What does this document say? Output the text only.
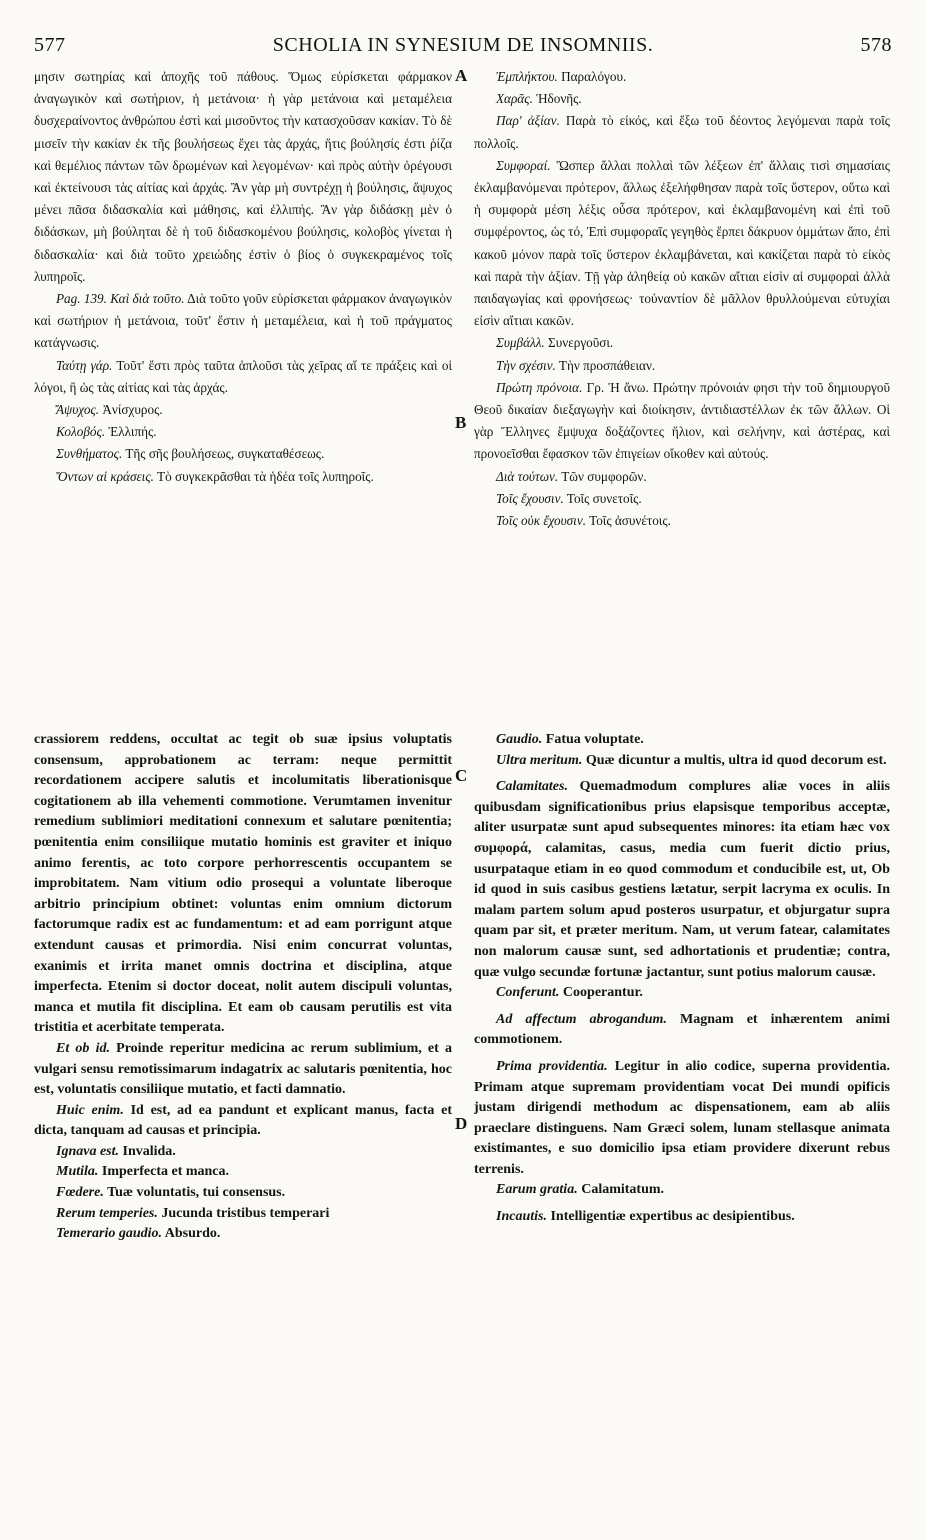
577	SCHOLIA IN SYNESIUM DE INSOMNIIS.	578
A
B
C
D

μησιν σωτηρίας καὶ ἀποχῆς τοῦ πάθους. Ὅμως εὑρίσκεται φάρμακον ἀναγωγικὸν καὶ σωτήριον, ἡ μετάνοια· ἡ γὰρ μετάνοια καὶ μεταμέλεια δυσχεραίνοντος ἀνθρώπου ἐστὶ καὶ μισοῦντος τὴν κατασχοῦσαν κακίαν. Τὸ δὲ μισεῖν τὴν κακίαν ἐκ τῆς βουλήσεως ἔχει τὰς ἀρχάς, ἥτις βούλησίς ἐστι ῥίζα καὶ θεμέλιος πάντων τῶν δρωμένων καὶ λεγομένων· καὶ πρὸς αὐτὴν ὀρέγουσι καὶ ἐκτείνουσι τὰς αἰτίας καὶ ἀρχάς. Ἂν γὰρ μὴ συντρέχῃ ἡ βούλησις, ἄψυχος μένει πᾶσα διδασκαλία καὶ μάθησις, καὶ ἐλλιπής. Ἂν γὰρ διδάσκῃ μὲν ὁ διδάσκων, μὴ βούληται δὲ ἡ τοῦ διδασκομένου βούλησις, κολοβὸς γίνεται ἡ διδασκαλία· καὶ διὰ τοῦτο χρειώδης ἐστὶν ὁ βίος ὁ συγκεκραμένος τοῖς λυπηροῖς.

Pag. 139. Καὶ διὰ τοῦτο. Διὰ τοῦτο γοῦν εὑρίσκεται φάρμακον ἀναγωγικὸν καὶ σωτήριον ἡ μετάνοια, τοῦτ' ἔστιν ἡ μεταμέλεια, καὶ ἡ τοῦ πράγματος κατάγνωσις.

Ταύτῃ γάρ. Τοῦτ' ἔστι πρὸς ταῦτα ἁπλοῦσι τὰς χεῖρας αἵ τε πράξεις καὶ οἱ λόγοι, ἢ ὡς τὰς αἰτίας καὶ τὰς ἀρχάς.

Ἄψυχος. Ἀνίσχυρος.

Κολοβός. Ἐλλιπής.

Συνθήματος. Τῆς σῆς βουλήσεως, συγκαταθέσεως.

Ὄντων αἱ κράσεις. Τὸ συγκεκρᾶσθαι τὰ ἡδέα τοῖς λυπηροῖς.

Ἐμπλήκτου. Παραλόγου.

Χαρᾶς. Ἡδονῆς.

Παρ' ἀξίαν. Παρὰ τὸ εἰκός, καὶ ἔξω τοῦ δέοντος λεγόμεναι παρὰ τοῖς πολλοῖς.

Συμφοραί. Ὥσπερ ἄλλαι πολλαὶ τῶν λέξεων ἐπ' ἄλλαις τισὶ σημασίαις ἐκλαμβανόμεναι πρότερον, ἄλλως ἐξελήφθησαν παρὰ τοῖς ὕστερον, οὕτω καὶ ἡ συμφορὰ μέση λέξις οὖσα πρότερον, καὶ ἐκλαμβανομένη καὶ ἐπὶ τοῦ συμφέροντος, ὡς τό, Ἐπὶ συμφοραῖς γεγηθὸς ἕρπει δάκρυον ὀμμάτων ἄπο, ἐπὶ κακοῦ μόνον παρὰ τοῖς ὕστερον ἐκλαμβάνεται, καὶ κακίζεται παρὰ τὸ εἰκὸς καὶ παρὰ τὴν ἀξίαν. Τῇ γὰρ ἀληθείᾳ οὐ κακῶν αἴτιαι εἰσὶν αἱ συμφοραὶ ἀλλὰ παιδαγωγίας καὶ φρονήσεως· τοὐναντίον δὲ μᾶλλον θρυλλούμεναι εὐτυχίαι εἰσὶν αἴτιαι κακῶν.

Συμβάλλ. Συνεργοῦσι.

Τὴν σχέσιν. Τὴν προσπάθειαν.

Πρώτη πρόνοια. Γρ. Ἡ ἄνω. Πρώτην πρόνοιάν φησι τὴν τοῦ δημιουργοῦ Θεοῦ δικαίαν διεξαγωγὴν καὶ διοίκησιν, ἀντιδιαστέλλων ἐκ τῶν ἄλλων. Οἱ γὰρ Ἕλληνες ἔμψυχα δοξάζοντες ἥλιον, καὶ σελήνην, καὶ ἀστέρας, καὶ προνοεῖσθαι ἔφασκον τῶν ἐπιγείων οἴκοθεν καὶ αὐτούς.

Διὰ τούτων. Τῶν συμφορῶν.

Τοῖς ἔχουσιν. Τοῖς συνετοῖς.

Τοῖς οὐκ ἔχουσιν. Τοῖς ἀσυνέτοις.

crassiorem reddens, occultat ac tegit ob suæ ipsius voluptatis consensum, approbationem ac terram: neque permittit recordationem accipere salutis et incolumitatis liberationisque cogitationem ab illa vehementi commotione. Verumtamen invenitur remedium sublimiori meditationi connexum et salutare pœnitentia; pœnitentia enim consiliique mutatio hominis est graviter et iniquo animo ferentis, ac toto corpore perhorrescentis occupantem se improbitatem. Nam vitium odio prosequi a voluntate liberoque arbitrio principium obtinet: voluntas enim omnium dictorum factorumque radix est ac fundamentum: et ad eam porrigunt atque extendunt causas et primordia. Nisi enim concurrat voluntas, exanimis et irrita manet omnis doctrina et disciplina, atque imperfecta. Etenim si doctor doceat, nolit autem discipuli voluntas, manca et mutila fit disciplina. Et eam ob causam perutilis est vita tristitia et acerbitate temperata.

Et ob id. Proinde reperitur medicina ac rerum sublimium, et a vulgari sensu remotissimarum indagatrix ac salutaris pœnitentia, hoc est, voluntatis consiliique mutatio, et facti damnatio.

Huic enim. Id est, ad ea pandunt et explicant manus, facta et dicta, tanquam ad causas et principia.

Ignava est. Invalida.

Mutila. Imperfecta et manca.

Fœdere. Tuæ voluntatis, tui consensus.

Rerum temperies. Jucunda tristibus temperari

Temerario gaudio. Absurdo.

Gaudio. Fatua voluptate.

Ultra meritum. Quæ dicuntur a multis, ultra id quod decorum est.

Calamitates. Quemadmodum complures aliæ voces in aliis quibusdam significationibus prius elapsisque temporibus acceptæ, aliter usurpatæ sunt apud subsequentes minores: ita etiam hæc vox συμφορά, calamitas, casus, media cum fuerit dictio prius, usurpataque etiam in eo quod commodum et conducibile est, ut, Ob id quod in suis casibus gestiens lætatur, serpit lacryma ex oculis. In malam partem solum apud posteros usurpatur, et objurgatur supra quam par sit, et præter meritum. Nam, ut verum fatear, calamitates non malorum causæ sunt, sed adhortationis et prudentiæ; contra, quæ vulgo secundæ fortunæ jactantur, sunt potius malorum causæ.

Conferunt. Cooperantur.

Ad affectum abrogandum. Magnam et inhærentem animi commotionem.

Prima providentia. Legitur in alio codice, superna providentia. Primam atque supremam providentiam vocat Dei mundi opificis justam dirigendi methodum ac dispensationem, eam ab aliis praeclare distinguens. Nam Græci solem, lunam stellasque animata existimantes, e suo domicilio ipsa etiam providere dixerunt rebus terrenis.

Earum gratia. Calamitatum.

Incautis. Intelligentiæ expertibus ac desipientibus.
